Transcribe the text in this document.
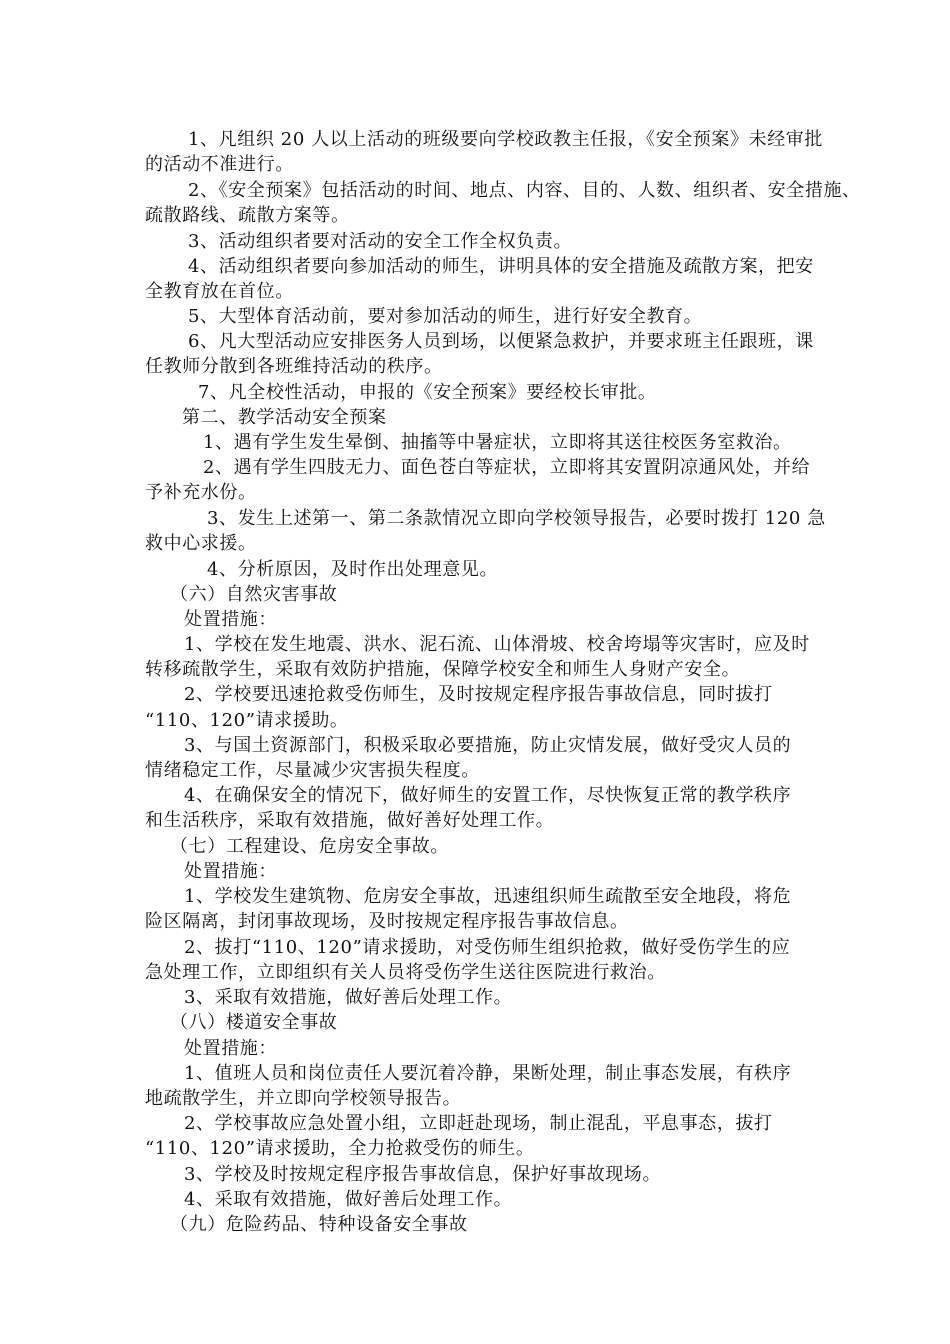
1、凡组织 20 人以上活动的班级要向学校政教主任报，《安全预案》未经审批
的活动不准进行。
2、《安全预案》包括活动的时间、地点、内容、目的、人数、组织者、安全措施、
疏散路线、疏散方案等。
3、活动组织者要对活动的安全工作全权负责。
4、活动组织者要向参加活动的师生，讲明具体的安全措施及疏散方案，把安
全教育放在首位。
5、大型体育活动前，要对参加活动的师生，进行好安全教育。
6、凡大型活动应安排医务人员到场，以便紧急救护，并要求班主任跟班，课
任教师分散到各班维持活动的秩序。
7、凡全校性活动，申报的《安全预案》要经校长审批。
第二、教学活动安全预案
1、遇有学生发生晕倒、抽搐等中暑症状，立即将其送往校医务室救治。
2、遇有学生四肢无力、面色苍白等症状，立即将其安置阴凉通风处，并给
予补充水份。
3、发生上述第一、第二条款情况立即向学校领导报告，必要时拨打 120 急
救中心求援。
4、分析原因，及时作出处理意见。
（六）自然灾害事故
处置措施：
1、学校在发生地震、洪水、泥石流、山体滑坡、校舍垮塌等灾害时，应及时
转移疏散学生，采取有效防护措施，保障学校安全和师生人身财产安全。
2、学校要迅速抢救受伤师生，及时按规定程序报告事故信息，同时拔打
“110、120”请求援助。
3、与国土资源部门，积极采取必要措施，防止灾情发展，做好受灾人员的
情绪稳定工作，尽量减少灾害损失程度。
4、在确保安全的情况下，做好师生的安置工作，尽快恢复正常的教学秩序
和生活秩序，采取有效措施，做好善好处理工作。
（七）工程建设、危房安全事故。
处置措施：
1、学校发生建筑物、危房安全事故，迅速组织师生疏散至安全地段，将危
险区隔离，封闭事故现场，及时按规定程序报告事故信息。
2、拔打“110、120”请求援助，对受伤师生组织抢救，做好受伤学生的应
急处理工作，立即组织有关人员将受伤学生送往医院进行救治。
3、采取有效措施，做好善后处理工作。
（八）楼道安全事故
处置措施：
1、值班人员和岗位责任人要沉着冷静，果断处理，制止事态发展，有秩序
地疏散学生，并立即向学校领导报告。
2、学校事故应急处置小组，立即赶赴现场，制止混乱，平息事态，拔打
“110、120”请求援助，全力抢救受伤的师生。
3、学校及时按规定程序报告事故信息，保护好事故现场。
4、采取有效措施，做好善后处理工作。
（九）危险药品、特种设备安全事故
